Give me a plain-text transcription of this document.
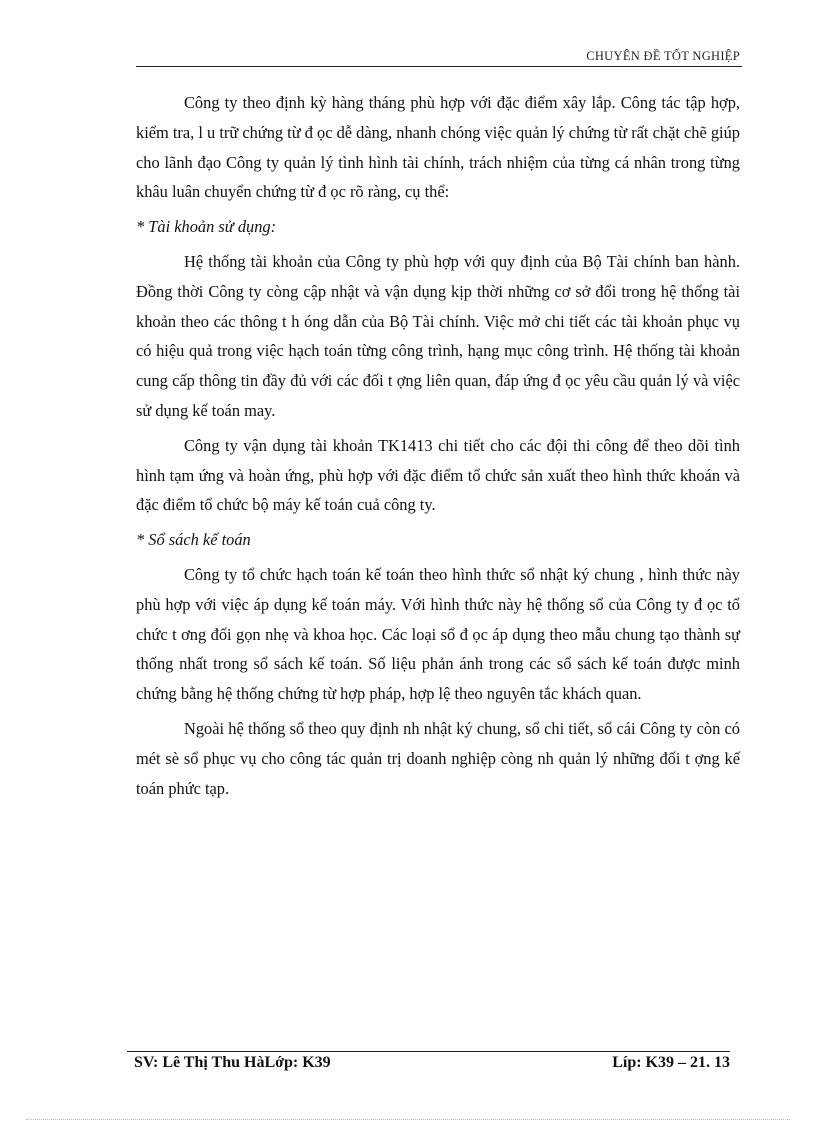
CHUYÊN ĐỀ TỐT NGHIỆP

Công ty theo định kỳ hàng tháng phù hợp với đặc điểm xây lắp. Công tác tập hợp, kiểm tra, l u trữ chứng từ đ ọc dễ dàng, nhanh chóng việc quản lý chứng từ rất chặt chẽ giúp cho lãnh đạo Công ty quản lý tình hình tài chính, trách nhiệm của từng cá nhân trong từng khâu luân chuyển chứng từ đ ọc rõ ràng, cụ thể:

* Tài khoản sử dụng:

Hệ thống tài khoản của Công ty phù hợp với quy định của Bộ Tài chính ban hành. Đồng thời Công ty còng cập nhật và vận dụng kịp thời những cơ sở đổi trong hệ thống tài khoản theo các thông t h óng dẫn của Bộ Tài chính. Việc mở chi tiết các tài khoản phục vụ có hiệu quả trong việc hạch toán từng công trình, hạng mục công trình. Hệ thống tài khoản cung cấp thông tin đầy đủ với các đối t ợng liên quan, đáp ứng đ ọc yêu cầu quản lý và việc sử dụng kế toán may.

Công ty vận dụng tài khoản TK1413 chi tiết cho các đội thi công để theo dõi tình hình tạm ứng và hoàn ứng, phù hợp với đặc điểm tổ chức sản xuất theo hình thức khoán và đặc điểm tổ chức bộ máy kế toán cuả công ty.

* Sổ sách kế toán

Công ty tổ chức hạch toán kế toán theo hình thức sổ nhật ký chung , hình thức này phù hợp với việc áp dụng kế toán máy. Với hình thức này hệ thống sổ của Công ty đ ọc tổ chức t ơng đối gọn nhẹ và khoa học. Các loại sổ đ ọc áp dụng theo mẫu chung tạo thành sự thống nhất trong sổ sách kế toán. Số liệu phản ánh trong các sổ sách kế toán được minh chứng bằng hệ thống chứng từ hợp pháp, hợp lệ theo nguyên tắc khách quan.

Ngoài hệ thống sổ theo quy định nh nhật ký chung, sổ chi tiết, sổ cái Công ty còn có mét sè sổ phục vụ cho công tác quản trị doanh nghiệp còng nh quản lý những đối t ợng kế toán phức tạp.

SV: Lê Thị Thu HàLớp: K39	Líp: K39 – 21. 13
